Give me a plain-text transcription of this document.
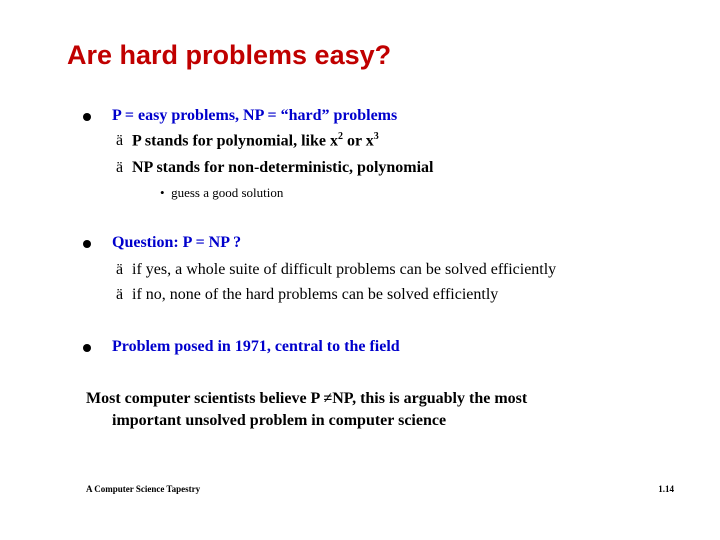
Are hard problems easy?
P = easy problems, NP = “hard” problems
ä P stands for polynomial, like $x^2$ or $x^3$
ä NP stands for non-deterministic, polynomial
• guess a good solution
Question: P = NP ?
ä if yes, a whole suite of difficult problems can be solved efficiently
ä if no, none of the hard problems can be solved efficiently
Problem posed in 1971, central to the field
Most computer scientists believe P ≠NP, this is arguably the most
important unsolved problem in computer science
A Computer Science Tapestry	1.14
